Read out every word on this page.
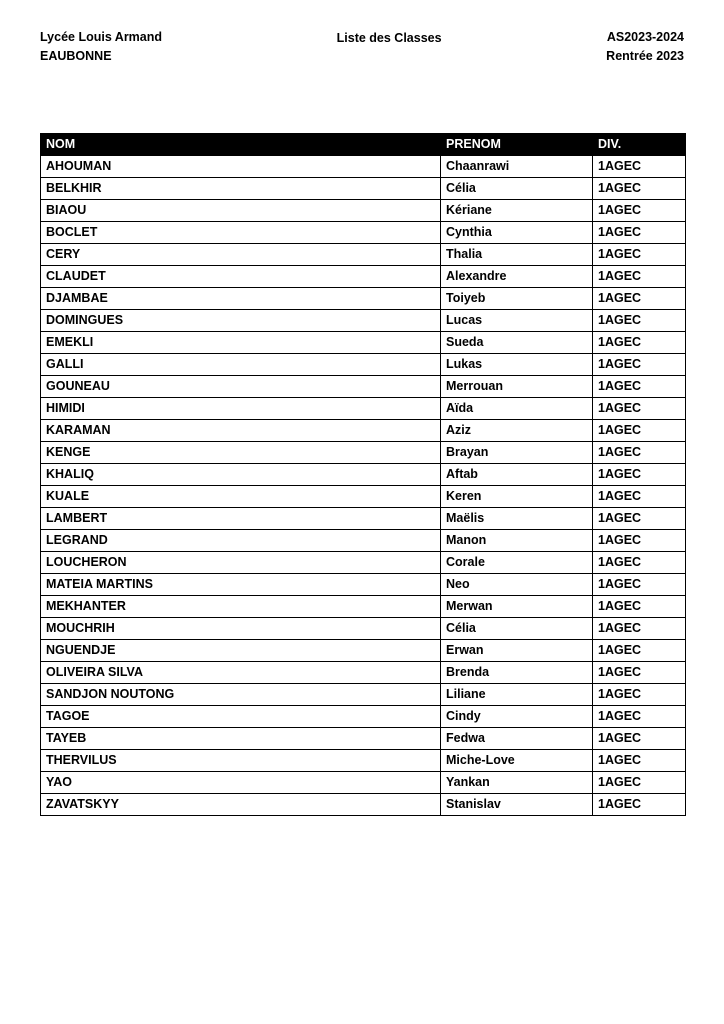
Lycée Louis Armand
EAUBONNE
Liste des Classes	AS2023-2024
Rentrée 2023
NOM	PRENOM	DIV.
AHOUMAN	Chaanrawi	1AGEC
BELKHIR	Célia	1AGEC
BIAOU	Kériane	1AGEC
BOCLET	Cynthia	1AGEC
CERY	Thalia	1AGEC
CLAUDET	Alexandre	1AGEC
DJAMBAE	Toiyeb	1AGEC
DOMINGUES	Lucas	1AGEC
EMEKLI	Sueda	1AGEC
GALLI	Lukas	1AGEC
GOUNEAU	Merrouan	1AGEC
HIMIDI	Aïda	1AGEC
KARAMAN	Aziz	1AGEC
KENGE	Brayan	1AGEC
KHALIQ	Aftab	1AGEC
KUALE	Keren	1AGEC
LAMBERT	Maëlis	1AGEC
LEGRAND	Manon	1AGEC
LOUCHERON	Corale	1AGEC
MATEIA MARTINS	Neo	1AGEC
MEKHANTER	Merwan	1AGEC
MOUCHRIH	Célia	1AGEC
NGUENDJE	Erwan	1AGEC
OLIVEIRA SILVA	Brenda	1AGEC
SANDJON NOUTONG	Liliane	1AGEC
TAGOE	Cindy	1AGEC
TAYEB	Fedwa	1AGEC
THERVILUS	Miche-Love	1AGEC
YAO	Yankan	1AGEC
ZAVATSKYY	Stanislav	1AGEC
